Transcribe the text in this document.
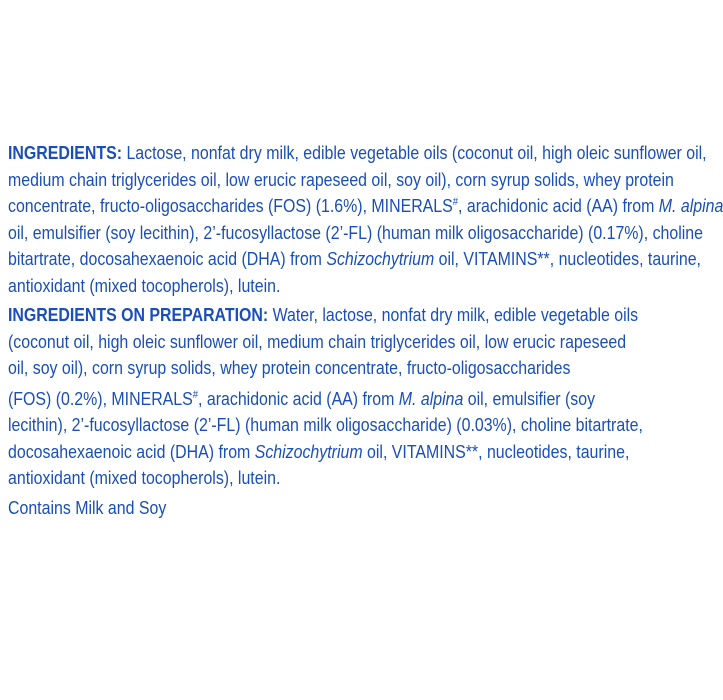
INGREDIENTS: Lactose, nonfat dry milk, edible vegetable oils (coconut oil, high oleic sunflower oil,
medium chain triglycerides oil, low erucic rapeseed oil, soy oil), corn syrup solids, whey protein
concentrate, fructo-oligosaccharides (FOS) (1.6%), MINERALS#, arachidonic acid (AA) from M. alpina
oil, emulsifier (soy lecithin), 2’-fucosyllactose (2’-FL) (human milk oligosaccharide) (0.17%), choline
bitartrate, docosahexaenoic acid (DHA) from Schizochytrium oil, VITAMINS**, nucleotides, taurine,
antioxidant (mixed tocopherols), lutein.

INGREDIENTS ON PREPARATION: Water, lactose, nonfat dry milk, edible vegetable oils
(coconut oil, high oleic sunflower oil, medium chain triglycerides oil, low erucic rapeseed
oil, soy oil), corn syrup solids, whey protein concentrate, fructo-oligosaccharides
(FOS) (0.2%), MINERALS#, arachidonic acid (AA) from M. alpina oil, emulsifier (soy
lecithin), 2’-fucosyllactose (2’-FL) (human milk oligosaccharide) (0.03%), choline bitartrate,
docosahexaenoic acid (DHA) from Schizochytrium oil, VITAMINS**, nucleotides, taurine,
antioxidant (mixed tocopherols), lutein.

Contains Milk and Soy
